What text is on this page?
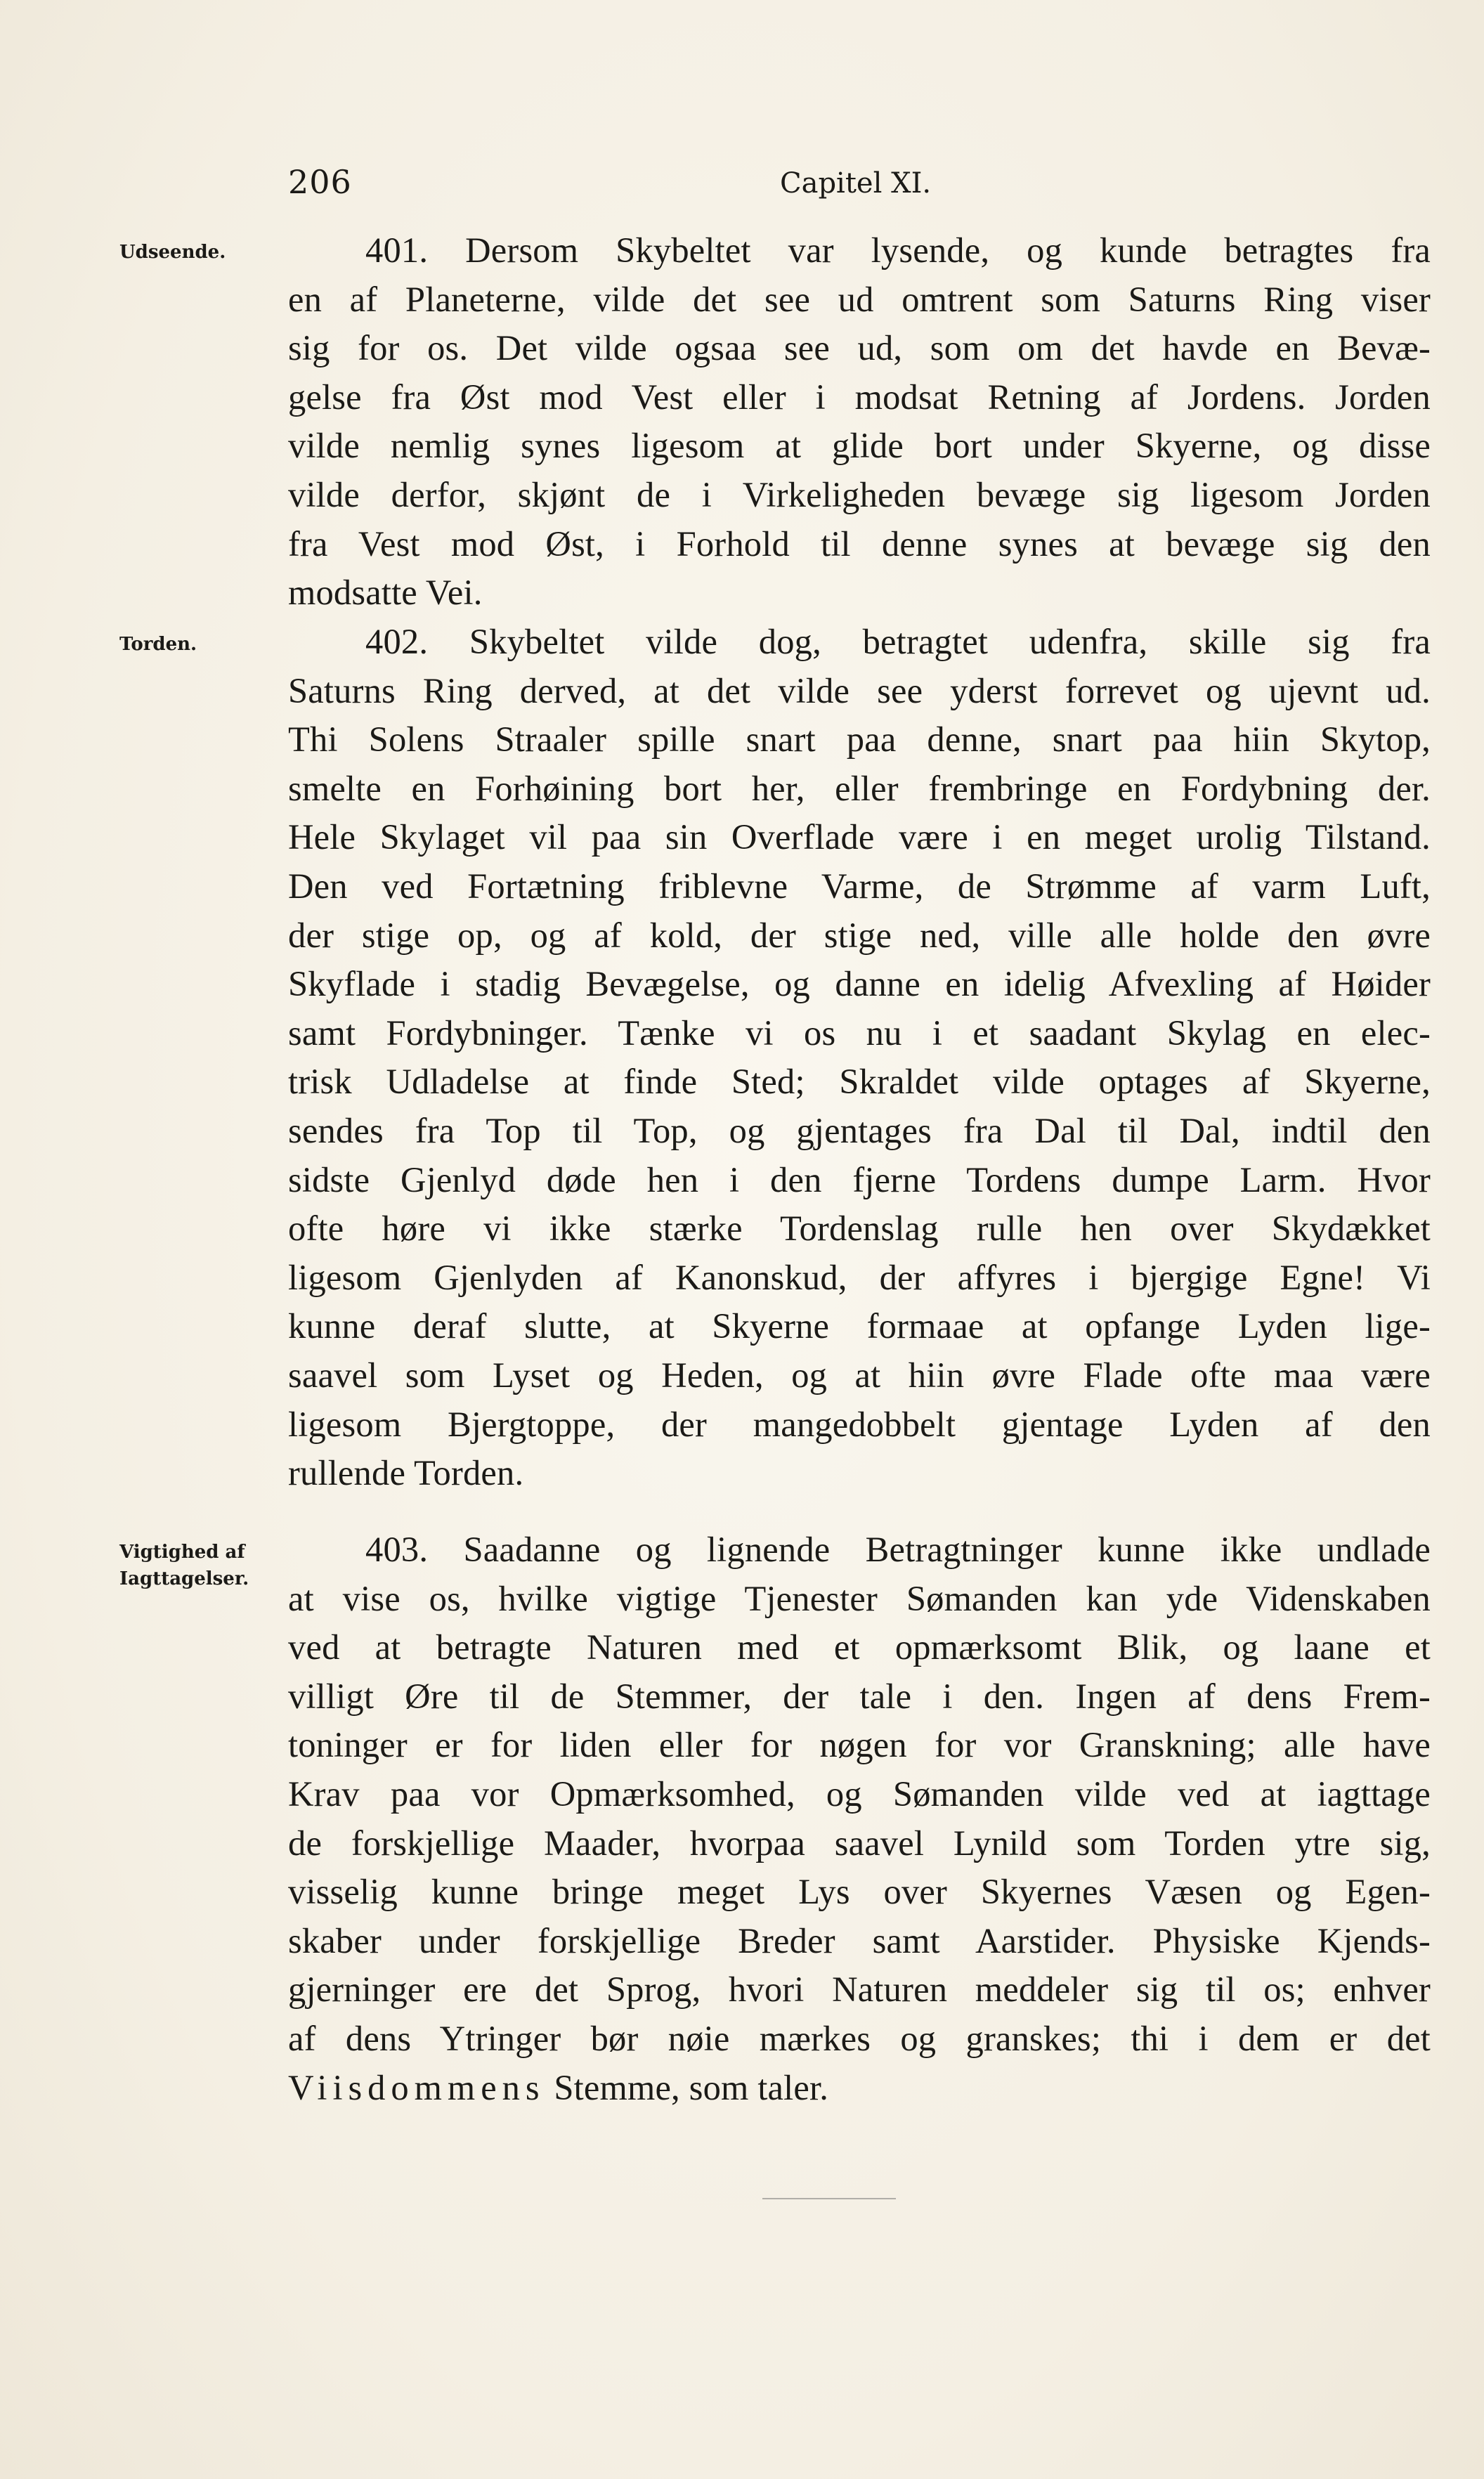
206	Capitel XI.
Udseende.
Torden.
Vigtighed af
Iagttagelser.
401. Dersom Skybeltet var lysende, og kunde betragtes fra
en af Planeterne, vilde det see ud omtrent som Saturns Ring viser
sig for os. Det vilde ogsaa see ud, som om det havde en Bevæ-
gelse fra Øst mod Vest eller i modsat Retning af Jordens. Jorden
vilde nemlig synes ligesom at glide bort under Skyerne, og disse
vilde derfor, skjønt de i Virkeligheden bevæge sig ligesom Jorden
fra Vest mod Øst, i Forhold til denne synes at bevæge sig den
modsatte Vei.
402. Skybeltet vilde dog, betragtet udenfra, skille sig fra
Saturns Ring derved, at det vilde see yderst forrevet og ujevnt ud.
Thi Solens Straaler spille snart paa denne, snart paa hiin Skytop,
smelte en Forhøining bort her, eller frembringe en Fordybning der.
Hele Skylaget vil paa sin Overflade være i en meget urolig Tilstand.
Den ved Fortætning friblevne Varme, de Strømme af varm Luft,
der stige op, og af kold, der stige ned, ville alle holde den øvre
Skyflade i stadig Bevægelse, og danne en idelig Afvexling af Høider
samt Fordybninger. Tænke vi os nu i et saadant Skylag en elec-
trisk Udladelse at finde Sted; Skraldet vilde optages af Skyerne,
sendes fra Top til Top, og gjentages fra Dal til Dal, indtil den
sidste Gjenlyd døde hen i den fjerne Tordens dumpe Larm. Hvor
ofte høre vi ikke stærke Tordenslag rulle hen over Skydækket
ligesom Gjenlyden af Kanonskud, der affyres i bjergige Egne! Vi
kunne deraf slutte, at Skyerne formaae at opfange Lyden lige-
saavel som Lyset og Heden, og at hiin øvre Flade ofte maa være
ligesom Bjergtoppe, der mangedobbelt gjentage Lyden af den
rullende Torden.
403. Saadanne og lignende Betragtninger kunne ikke undlade
at vise os, hvilke vigtige Tjenester Sømanden kan yde Videnskaben
ved at betragte Naturen med et opmærksomt Blik, og laane et
villigt Øre til de Stemmer, der tale i den. Ingen af dens Frem-
toninger er for liden eller for nøgen for vor Granskning; alle have
Krav paa vor Opmærksomhed, og Sømanden vilde ved at iagttage
de forskjellige Maader, hvorpaa saavel Lynild som Torden ytre sig,
visselig kunne bringe meget Lys over Skyernes Væsen og Egen-
skaber under forskjellige Breder samt Aarstider. Physiske Kjends-
gjerninger ere det Sprog, hvori Naturen meddeler sig til os; enhver
af dens Ytringer bør nøie mærkes og granskes; thi i dem er det
Viisdommens Stemme, som taler.
